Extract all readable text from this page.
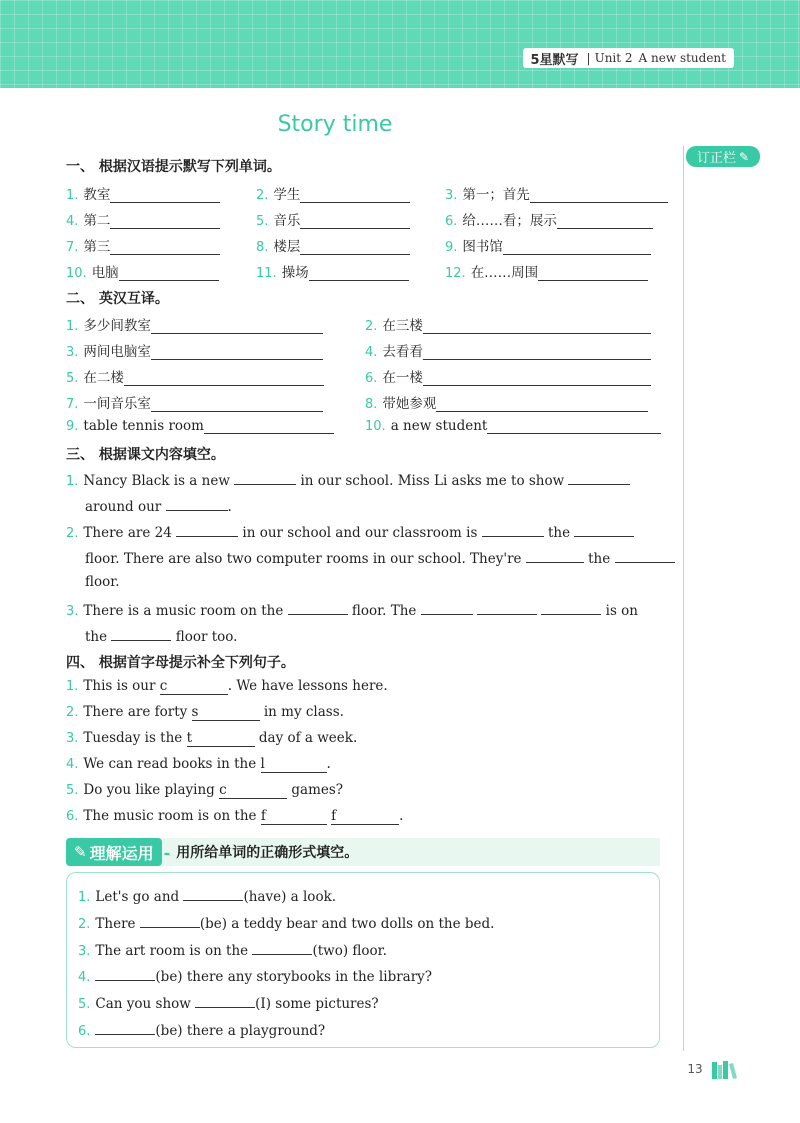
5星默写 | Unit 2 A new student
Story time
订正栏 ✎
一、 根据汉语提示默写下列单词。
1. 教室	2. 学生	3. 第一；首先
4. 第二	5. 音乐	6. 给……看；展示
7. 第三	8. 楼层	9. 图书馆
10. 电脑	11. 操场	12. 在……周围
二、 英汉互译。
1. 多少间教室	2. 在三楼
3. 两间电脑室	4. 去看看
5. 在二楼	6. 在一楼
7. 一间音乐室	8. 带她参观
9. table tennis room	10. a new student
三、 根据课文内容填空。
1. Nancy Black is a new	in our school. Miss Li asks me to show
around our	.
2. There are 24	in our school and our classroom is	the
floor. There are also two computer rooms in our school. They're	the
floor.
3. There is a music room on the	floor. The	is on
the	floor too.
四、 根据首字母提示补全下列句子。
1. This is our c	. We have lessons here.
2. There are forty s	in my class.
3. Tuesday is the t	day of a week.
4. We can read books in the l	.
5. Do you like playing c	games?
6. The music room is on the f	f	.
✎ 理解运用 - 用所给单词的正确形式填空。
1. Let's go and	(have) a look.
2. There	(be) a teddy bear and two dolls on the bed.
3. The art room is on the	(two) floor.
4.	(be) there any storybooks in the library?
5. Can you show	(I) some pictures?
6.	(be) there a playground?
13
